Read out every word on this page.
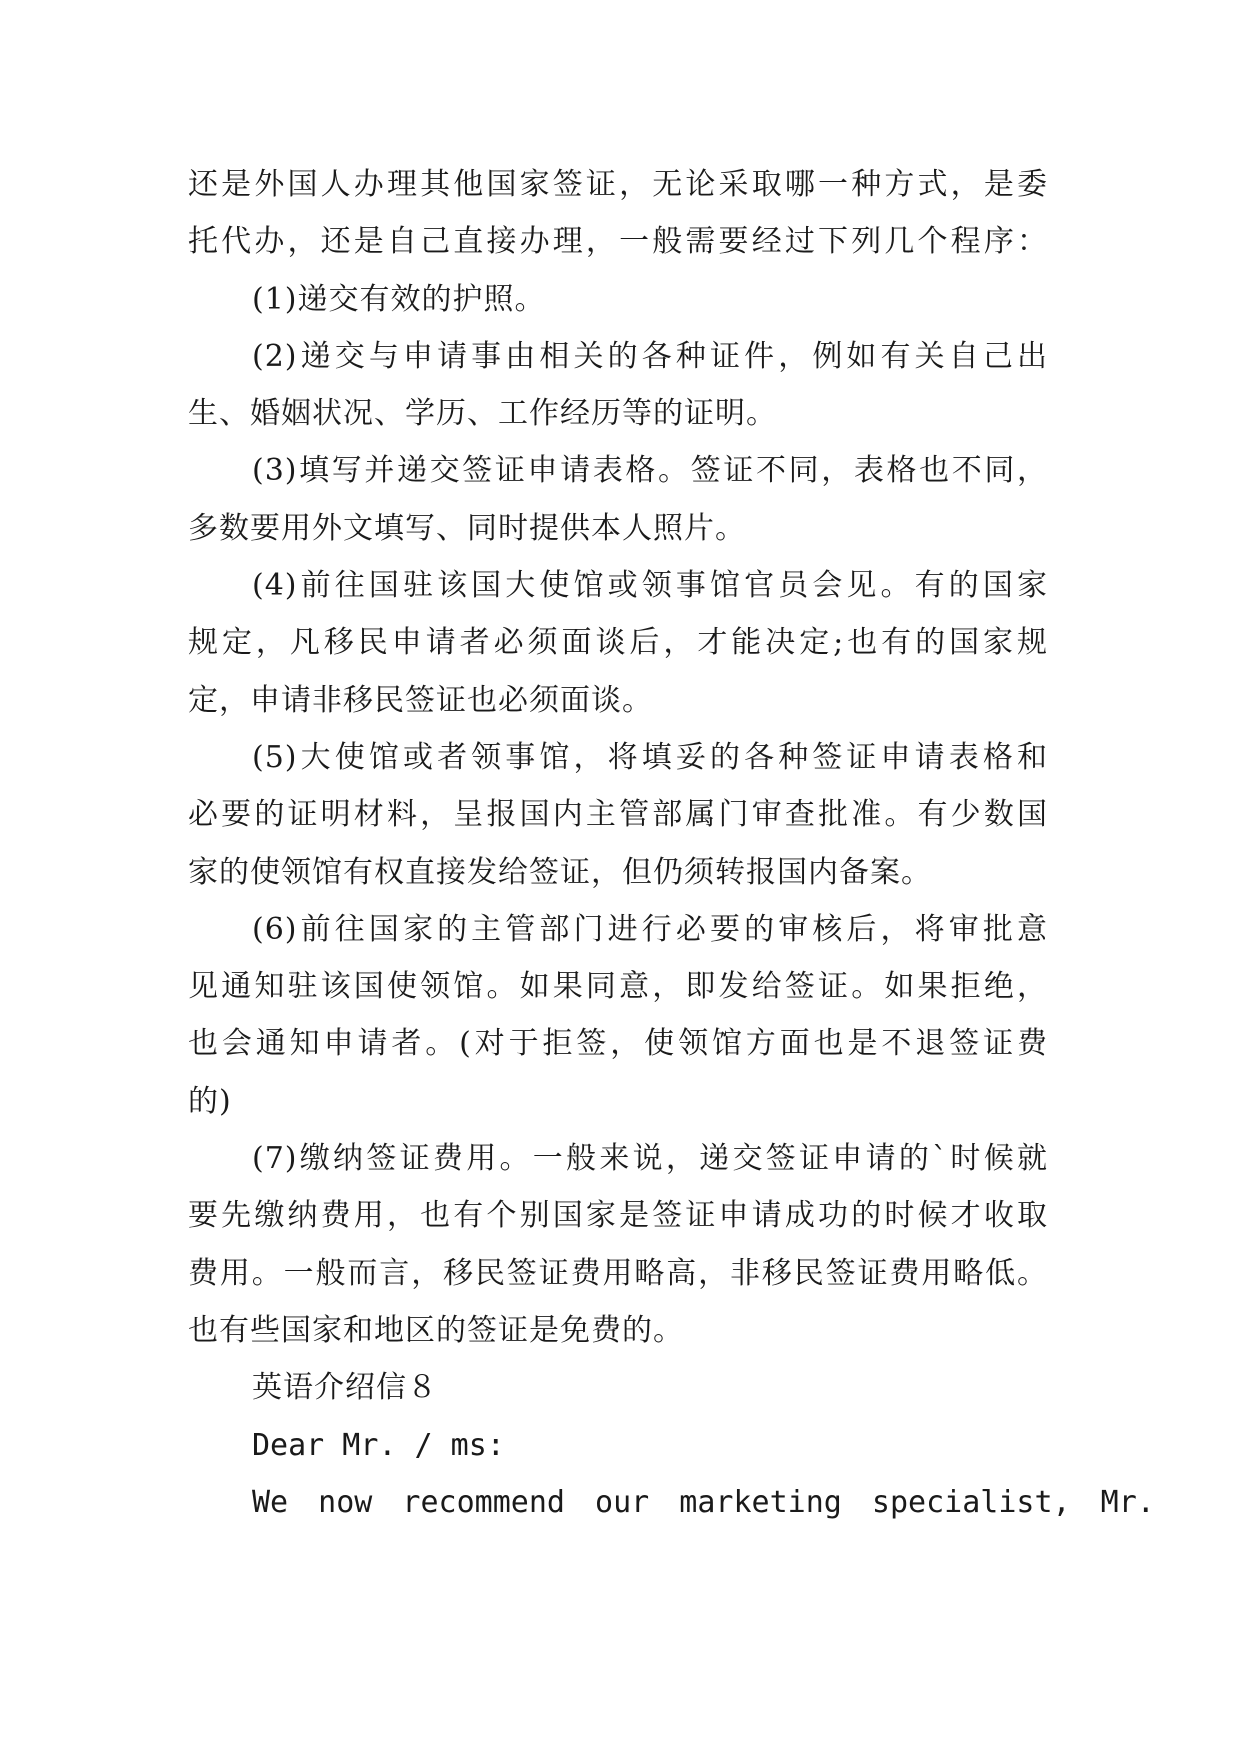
还是外国人办理其他国家签证，无论采取哪一种方式，是委
托代办，还是自己直接办理，一般需要经过下列几个程序：
(1)递交有效的护照。
(2)递交与申请事由相关的各种证件，例如有关自己出
生、婚姻状况、学历、工作经历等的证明。
(3)填写并递交签证申请表格。签证不同，表格也不同，
多数要用外文填写、同时提供本人照片。
(4)前往国驻该国大使馆或领事馆官员会见。有的国家
规定，凡移民申请者必须面谈后，才能决定;也有的国家规
定，申请非移民签证也必须面谈。
(5)大使馆或者领事馆，将填妥的各种签证申请表格和
必要的证明材料，呈报国内主管部属门审查批准。有少数国
家的使领馆有权直接发给签证，但仍须转报国内备案。
(6)前往国家的主管部门进行必要的审核后，将审批意
见通知驻该国使领馆。如果同意，即发给签证。如果拒绝，
也会通知申请者。(对于拒签，使领馆方面也是不退签证费
的)
(7)缴纳签证费用。一般来说，递交签证申请的`时候就
要先缴纳费用，也有个别国家是签证申请成功的时候才收取
费用。一般而言，移民签证费用略高，非移民签证费用略低。
也有些国家和地区的签证是免费的。
英语介绍信８
Dear Mr. / ms:
We now recommend our marketing specialist, Mr.
